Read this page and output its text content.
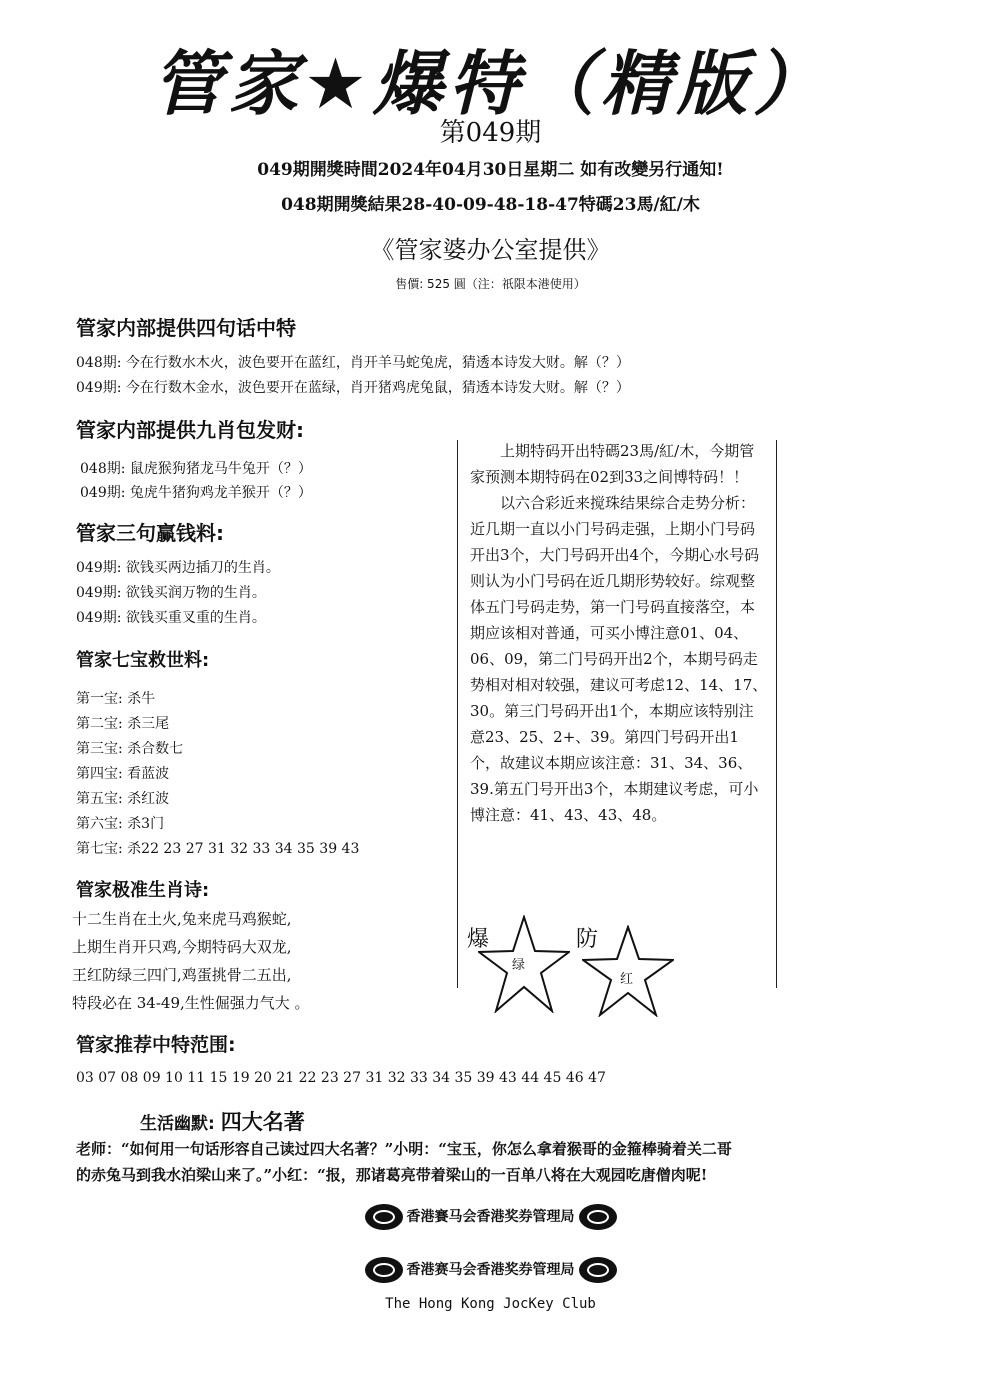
管家★爆特（精版）
第049期
049期開獎時間2024年04月30日星期二 如有改變另行通知!
048期開獎結果28-40-09-48-18-47特碼23馬/紅/木
《管家婆办公室提供》
售價: 525 圓（注：祇限本港使用）
管家内部提供四句话中特
048期: 今在行数水木火，波色要开在蓝红，肖开羊马蛇兔虎，猜透本诗发大财。解（？）
049期: 今在行数木金水，波色要开在蓝绿，肖开猪鸡虎兔鼠，猜透本诗发大财。解（？）
管家内部提供九肖包发财:
048期: 鼠虎猴狗猪龙马牛兔开（？）
049期: 兔虎牛猪狗鸡龙羊猴开（？）
管家三句赢钱料:
049期: 欲钱买两边插刀的生肖。
049期: 欲钱买润万物的生肖。
049期: 欲钱买重叉重的生肖。
管家七宝救世料:
第一宝: 杀牛
第二宝: 杀三尾
第三宝: 杀合数七
第四宝: 看蓝波
第五宝: 杀红波
第六宝: 杀3门
第七宝: 杀22 23 27 31 32 33 34 35 39 43
管家极准生肖诗:
十二生肖在土火,兔来虎马鸡猴蛇,
上期生肖开只鸡,今期特码大双龙,
王红防绿三四门,鸡蛋挑骨二五出,
特段必在 34-49,生性倔强力气大 。
管家推荐中特范围:
03 07 08 09 10 11 15 19 20 21 22 23 27 31 32 33 34 35 39 43 44 45 46 47

上期特码开出特碼23馬/紅/木，今期管家预测本期特码在02到33之间博特码！！

以六合彩近来搅珠结果综合走势分析：近几期一直以小门号码走强，上期小门号码开出3个，大门号码开出4个，今期心水号码则认为小门号码在近几期形势较好。综观整体五门号码走势，第一门号码直接落空，本期应该相对普通，可买小博注意01、04、06、09，第二门号码开出2个，本期号码走势相对相对较强，建议可考虑12、14、17、30。第三门号码开出1个，本期应该特别注意23、25、2+、39。第四门号码开出1个，故建议本期应该注意：31、34、36、39.第五门号开出3个，本期建议考虑，可小博注意：41、43、43、48。

爆
绿
防
红
生活幽默: 四大名著
老师：“如何用一句话形容自己读过四大名著？”小明：“宝玉，你怎么拿着猴哥的金箍棒骑着关二哥
的赤兔马到我水泊梁山来了。”小红：“报，那诸葛亮带着梁山的一百单八将在大观园吃唐僧肉呢!
香港賽马会香港奖券管理局
香港赛马会香港奖券管理局
The Hong Kong JocKey Club
